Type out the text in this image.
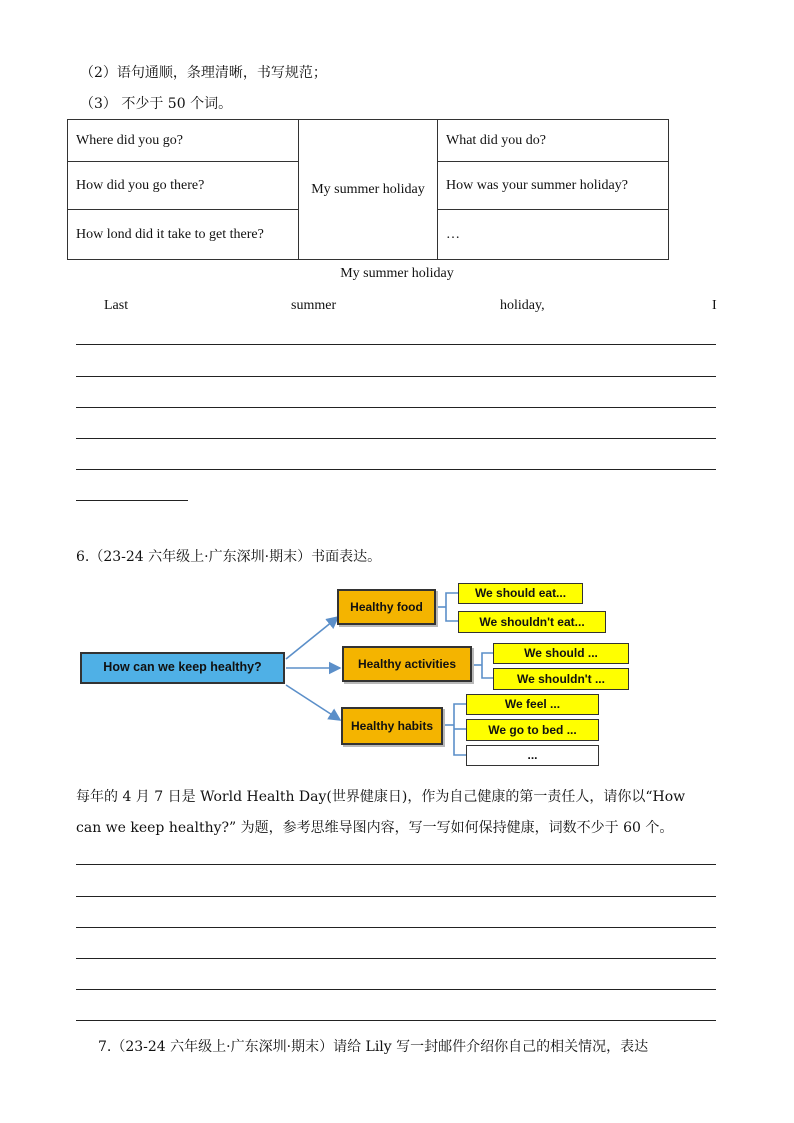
（2）语句通顺，条理清晰，书写规范；
（3） 不少于 50 个词。
Where did you go?	My summer holiday	What did you do?
How did you go there?		How was your summer holiday?
How lond did it take to get there?		…
My summer holiday
Last	summer	holiday,	I
6.（23-24 六年级上·广东深圳·期末）书面表达。
How can we keep healthy?
Healthy food
Healthy activities
Healthy habits
We should eat...
We shouldn't eat...
We should ...
We shouldn't ...
We feel ...
We go to bed ...
...
每年的 4 月 7 日是 World Health Day(世界健康日)，作为自己健康的第一责任人，请你以“How
can we keep healthy?” 为题，参考思维导图内容，写一写如何保持健康，词数不少于 60 个。
7.（23-24 六年级上·广东深圳·期末）请给 Lily 写一封邮件介绍你自己的相关情况，表达
